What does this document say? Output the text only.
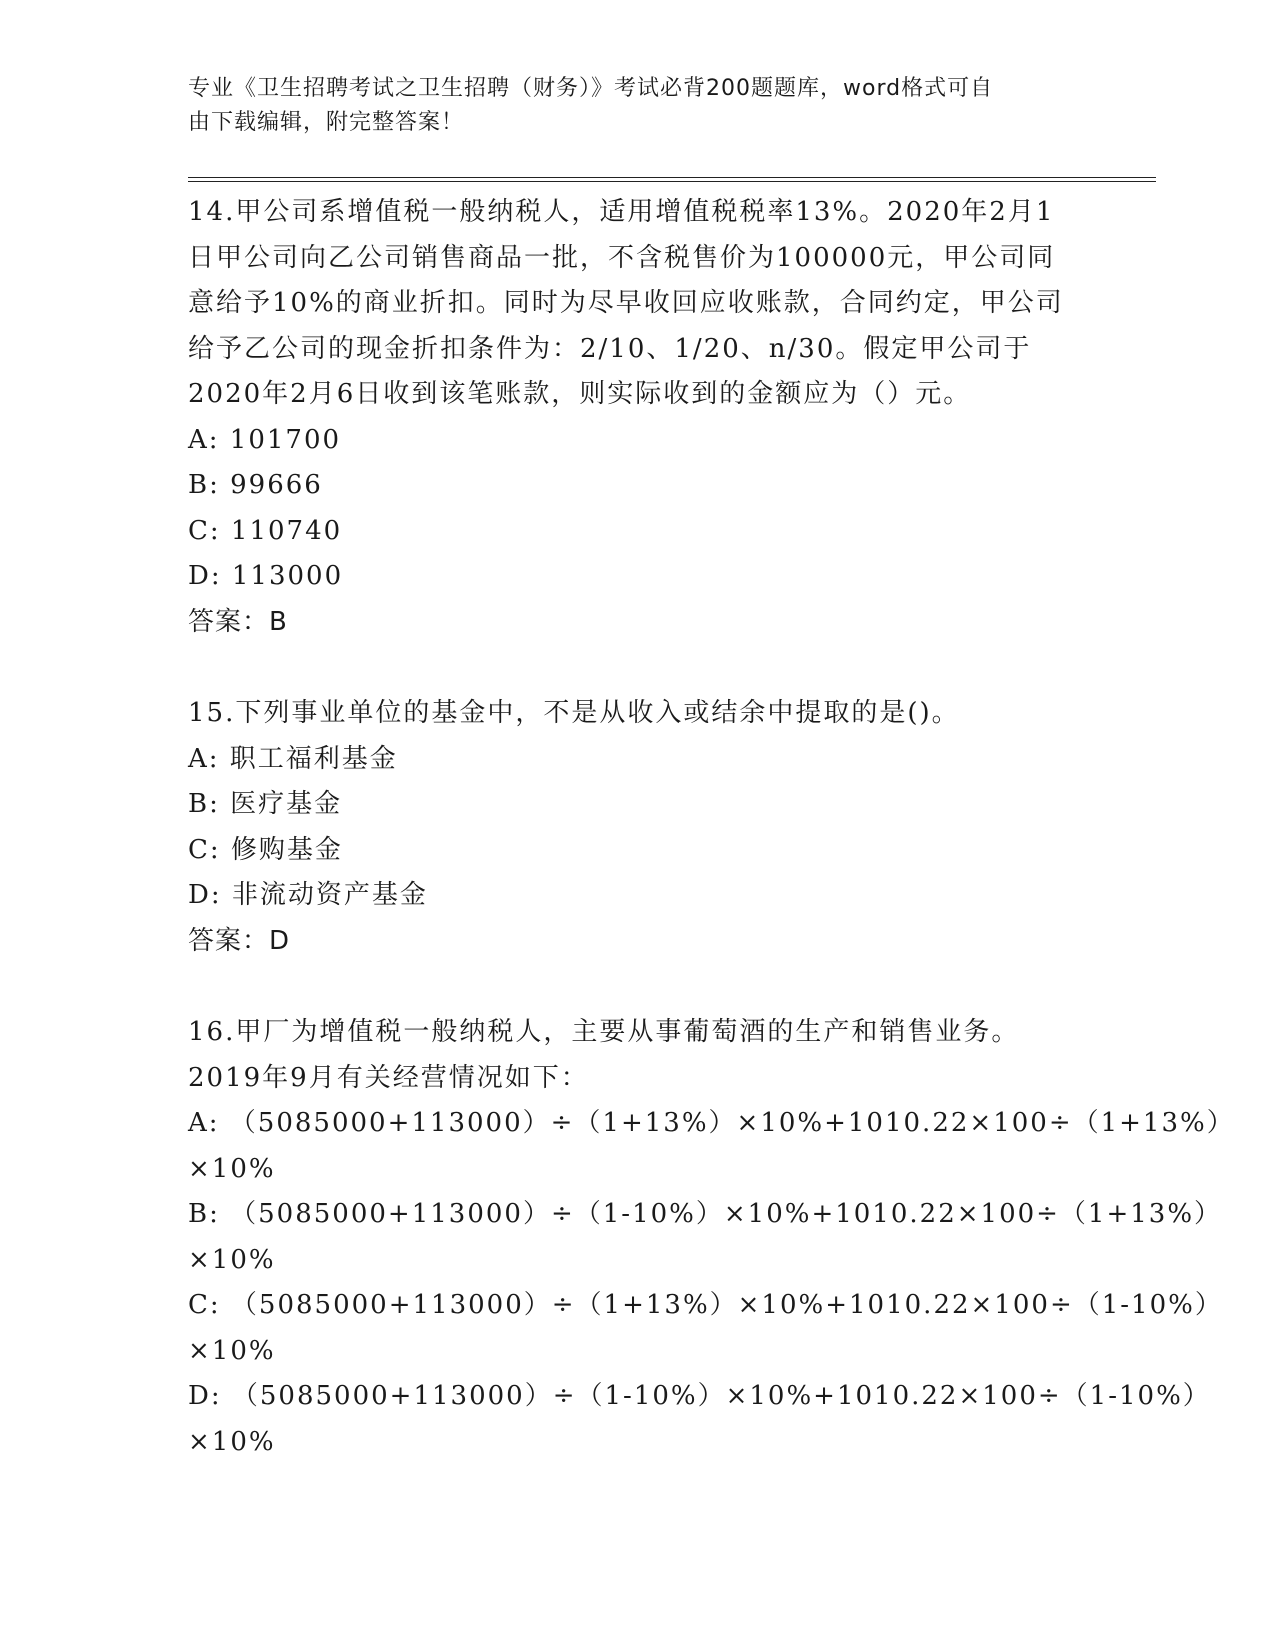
专业《卫生招聘考试之卫生招聘（财务）》考试必背200题题库，word格式可自
由下载编辑，附完整答案！
14.甲公司系增值税一般纳税人，适用增值税税率13%。2020年2月1
日甲公司向乙公司销售商品一批，不含税售价为100000元，甲公司同
意给予10%的商业折扣。同时为尽早收回应收账款，合同约定，甲公司
给予乙公司的现金折扣条件为：2/10、1/20、n/30。假定甲公司于
2020年2月6日收到该笔账款，则实际收到的金额应为（）元。
A: 101700
B: 99666
C: 110740
D: 113000
答案：B
15.下列事业单位的基金中，不是从收入或结余中提取的是()。
A: 职工福利基金
B: 医疗基金
C: 修购基金
D: 非流动资产基金
答案：D
16.甲厂为增值税一般纳税人，主要从事葡萄酒的生产和销售业务。
2019年9月有关经营情况如下：
A: （5085000+113000）÷（1+13%）×10%+1010.22×100÷（1+13%）
×10%
B: （5085000+113000）÷（1-10%）×10%+1010.22×100÷（1+13%）
×10%
C: （5085000+113000）÷（1+13%）×10%+1010.22×100÷（1-10%）
×10%
D: （5085000+113000）÷（1-10%）×10%+1010.22×100÷（1-10%）
×10%
